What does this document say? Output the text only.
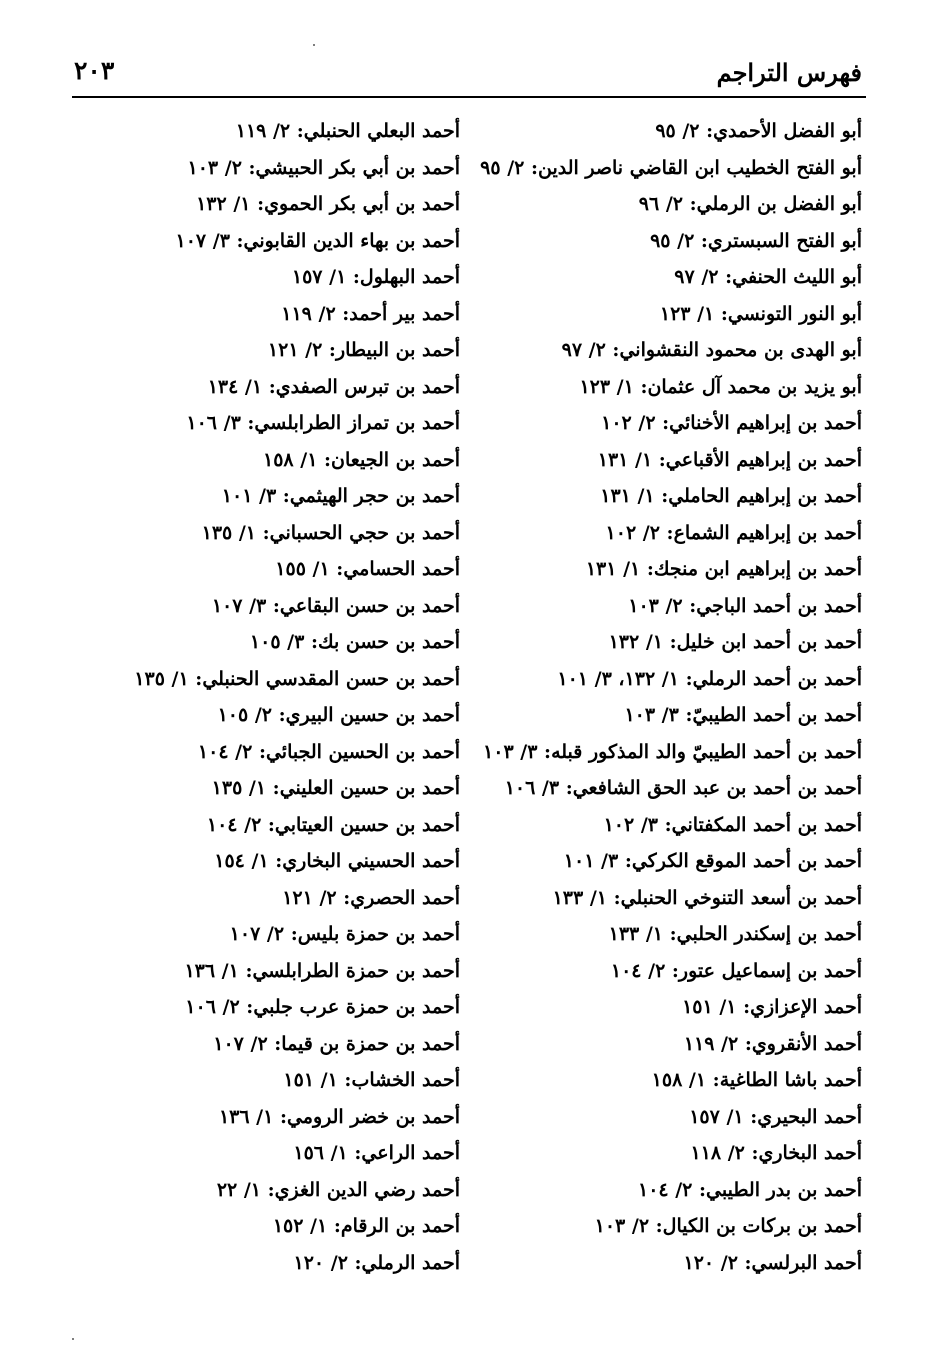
فهرس التراجم
٢٠٣
أبو الفضل الأحمدي: ٢/ ٩٥
أبو الفتح الخطيب ابن القاضي ناصر الدين: ٢/ ٩٥
أبو الفضل بن الرملي: ٢/ ٩٦
أبو الفتح السبستري: ٢/ ٩٥
أبو الليث الحنفي: ٢/ ٩٧
أبو النور التونسي: ١/ ١٢٣
أبو الهدى بن محمود النقشواني: ٢/ ٩٧
أبو يزيد بن محمد آل عثمان: ١/ ١٢٣
أحمد بن إبراهيم الأخنائي: ٢/ ١٠٢
أحمد بن إبراهيم الأقباعي: ١/ ١٣١
أحمد بن إبراهيم الحاملي: ١/ ١٣١
أحمد بن إبراهيم الشماع: ٢/ ١٠٢
أحمد بن إبراهيم ابن منجك: ١/ ١٣١
أحمد بن أحمد الباجي: ٢/ ١٠٣
أحمد بن أحمد ابن خليل: ١/ ١٣٢
أحمد بن أحمد الرملي: ١/ ١٣٢، ٣/ ١٠١
أحمد بن أحمد الطيبيّ: ٣/ ١٠٣
أحمد بن أحمد الطيبيّ والد المذكور قبله: ٣/ ١٠٣
أحمد بن أحمد بن عبد الحق الشافعي: ٣/ ١٠٦
أحمد بن أحمد المكفتاني: ٣/ ١٠٢
أحمد بن أحمد الموقع الكركي: ٣/ ١٠١
أحمد بن أسعد التنوخي الحنبلي: ١/ ١٣٣
أحمد بن إسكندر الحلبي: ١/ ١٣٣
أحمد بن إسماعيل عتور: ٢/ ١٠٤
أحمد الإعزازي: ١/ ١٥١
أحمد الأنقروي: ٢/ ١١٩
أحمد باشا الطاغية: ١/ ١٥٨
أحمد البحيري: ١/ ١٥٧
أحمد البخاري: ٢/ ١١٨
أحمد بن بدر الطيبي: ٢/ ١٠٤
أحمد بن بركات بن الكيال: ٢/ ١٠٣
أحمد البرلسي: ٢/ ١٢٠
أحمد البعلي الحنبلي: ٢/ ١١٩
أحمد بن أبي بكر الحبيشي: ٢/ ١٠٣
أحمد بن أبي بكر الحموي: ١/ ١٣٢
أحمد بن بهاء الدين القابوني: ٣/ ١٠٧
أحمد البهلول: ١/ ١٥٧
أحمد بير أحمد: ٢/ ١١٩
أحمد بن البيطار: ٢/ ١٢١
أحمد بن تبرس الصفدي: ١/ ١٣٤
أحمد بن تمراز الطرابلسي: ٣/ ١٠٦
أحمد بن الجيعان: ١/ ١٥٨
أحمد بن حجر الهيثمي: ٣/ ١٠١
أحمد بن حجي الحسباني: ١/ ١٣٥
أحمد الحسامي: ١/ ١٥٥
أحمد بن حسن البقاعي: ٣/ ١٠٧
أحمد بن حسن بك: ٣/ ١٠٥
أحمد بن حسن المقدسي الحنبلي: ١/ ١٣٥
أحمد بن حسين البيري: ٢/ ١٠٥
أحمد بن الحسين الجبائي: ٢/ ١٠٤
أحمد بن حسين العليني: ١/ ١٣٥
أحمد بن حسين العيتابي: ٢/ ١٠٤
أحمد الحسيني البخاري: ١/ ١٥٤
أحمد الحصري: ٢/ ١٢١
أحمد بن حمزة بليس: ٢/ ١٠٧
أحمد بن حمزة الطرابلسي: ١/ ١٣٦
أحمد بن حمزة عرب جلبي: ٢/ ١٠٦
أحمد بن حمزة بن قيما: ٢/ ١٠٧
أحمد الخشاب: ١/ ١٥١
أحمد بن خضر الرومي: ١/ ١٣٦
أحمد الراعي: ١/ ١٥٦
أحمد رضي الدين الغزي: ١/ ٢٢
أحمد بن الرقام: ١/ ١٥٢
أحمد الرملي: ٢/ ١٢٠
